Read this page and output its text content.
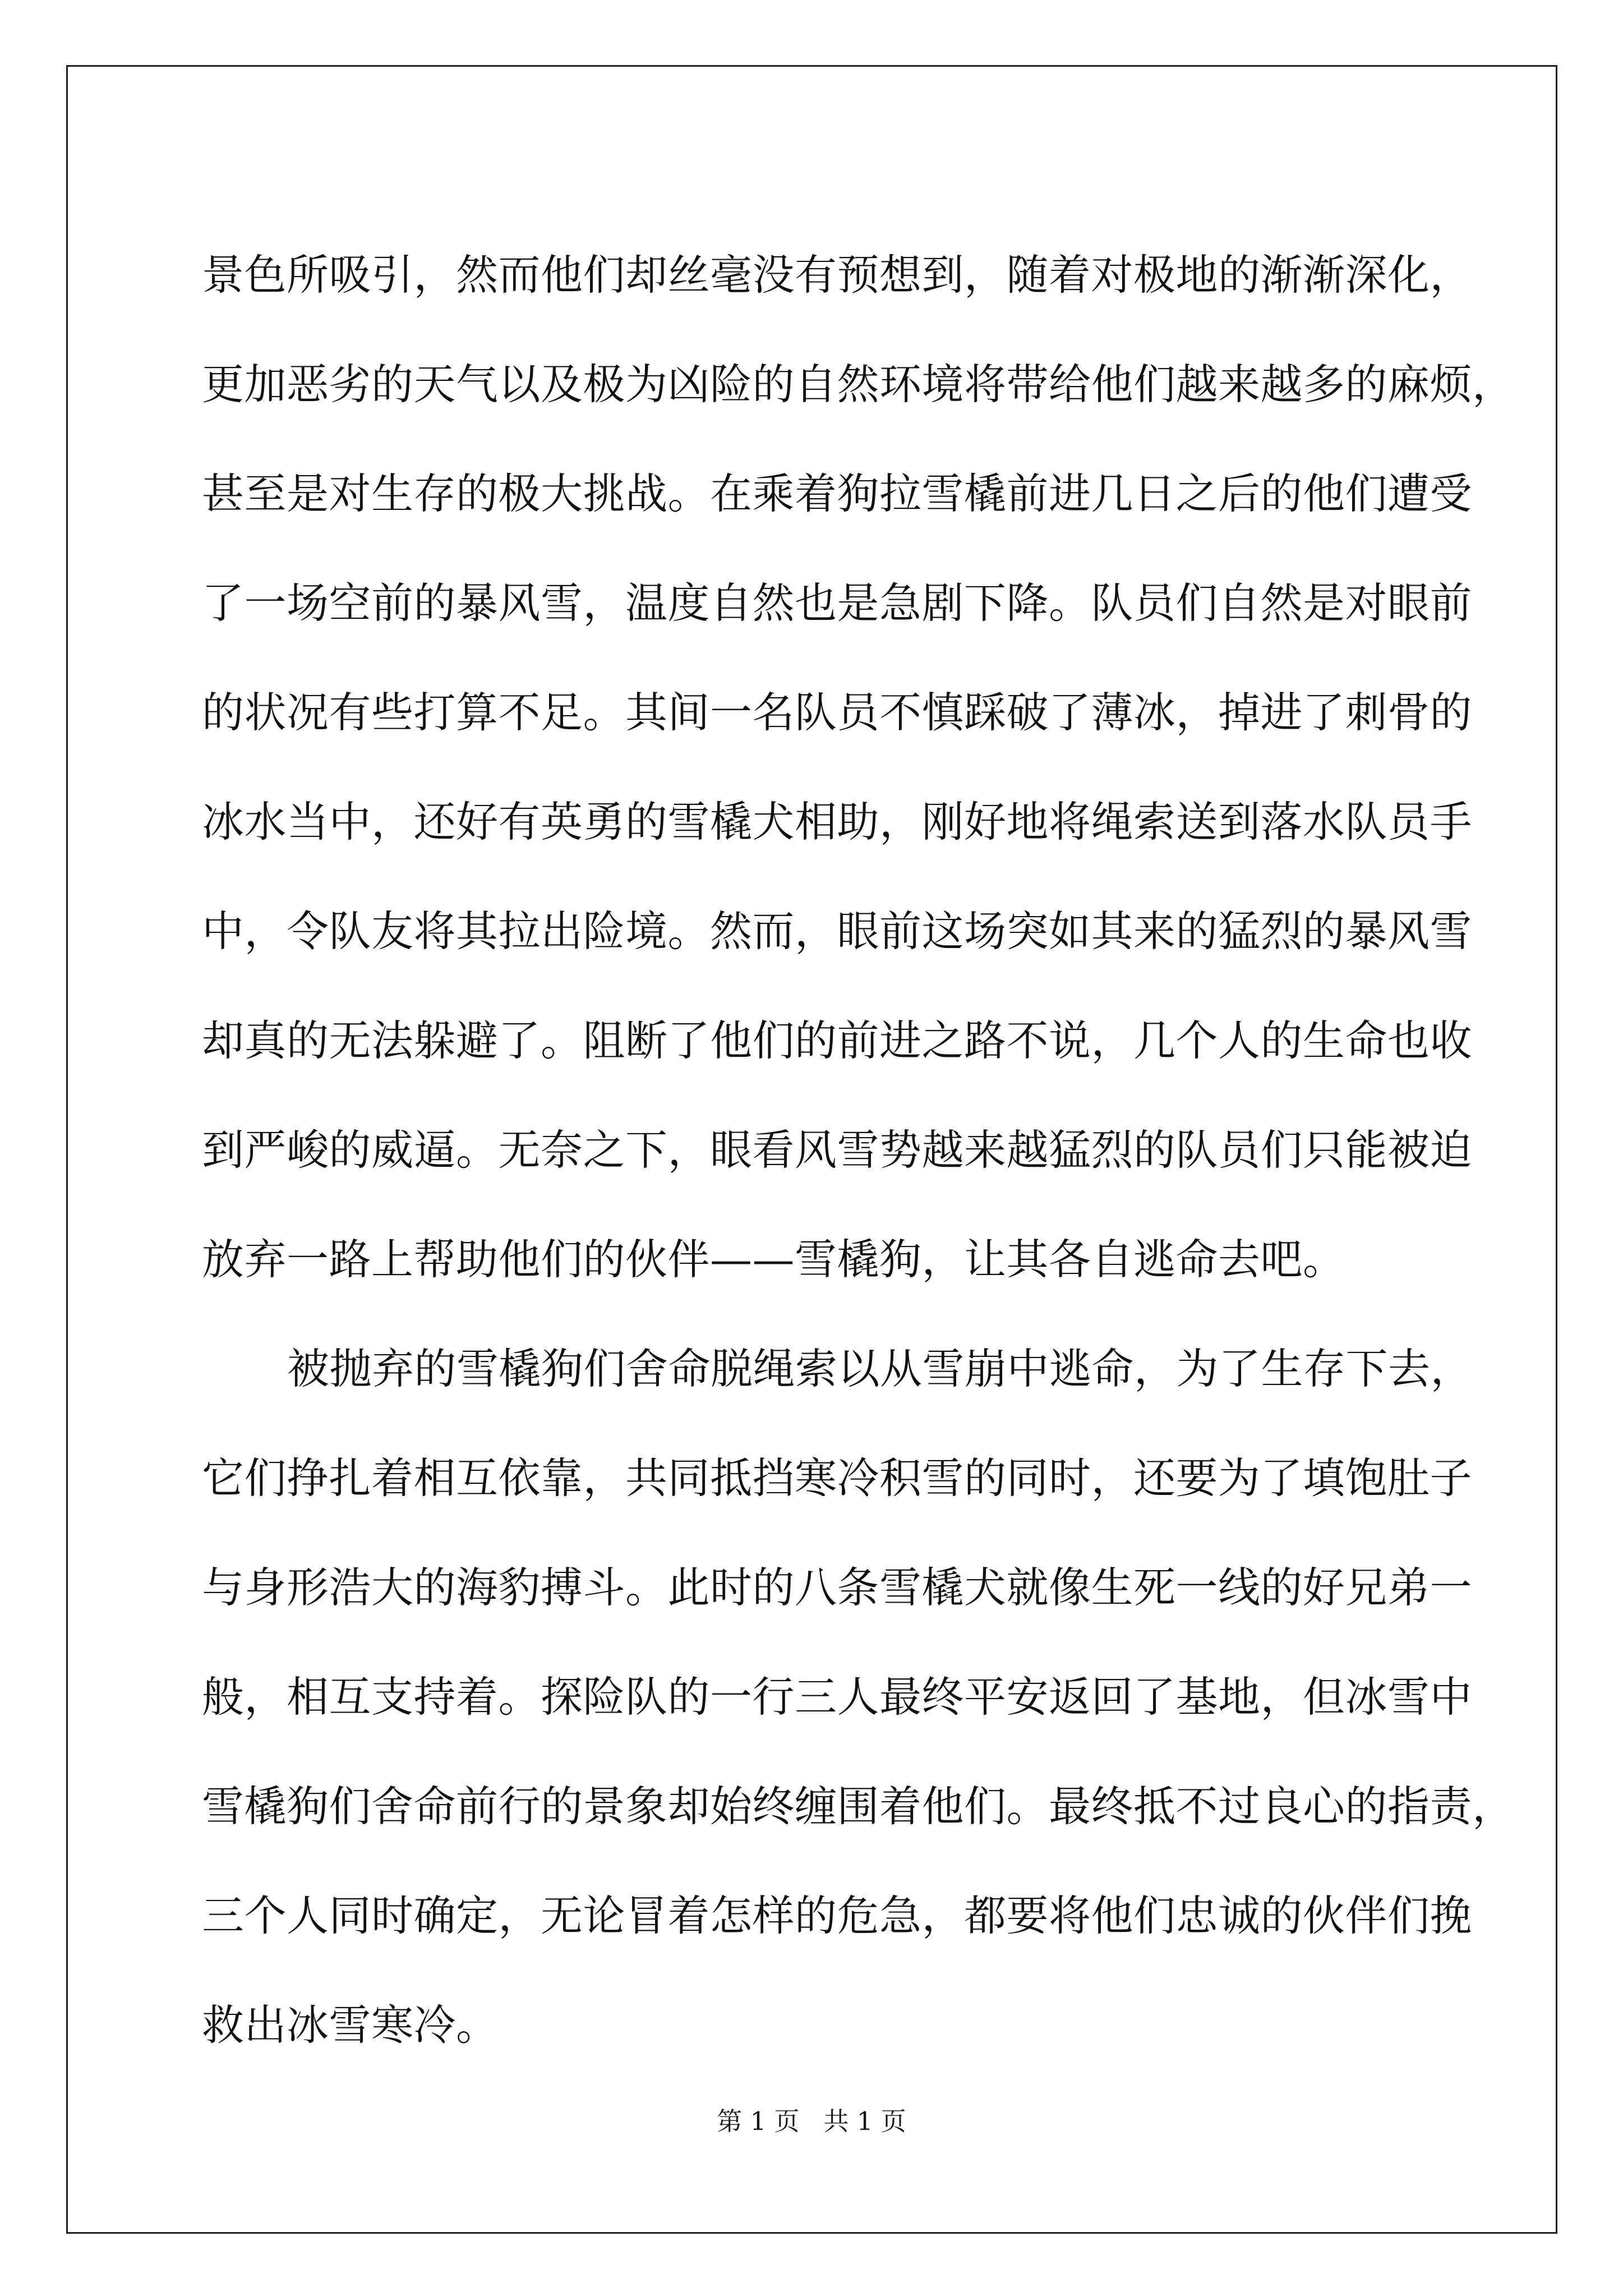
景色所吸引，然而他们却丝毫没有预想到，随着对极地的渐渐深化，
更加恶劣的天气以及极为凶险的自然环境将带给他们越来越多的麻烦，
甚至是对生存的极大挑战。在乘着狗拉雪橇前进几日之后的他们遭受
了一场空前的暴风雪，温度自然也是急剧下降。队员们自然是对眼前
的状况有些打算不足。其间一名队员不慎踩破了薄冰，掉进了刺骨的
冰水当中，还好有英勇的雪橇犬相助，刚好地将绳索送到落水队员手
中，令队友将其拉出险境。然而，眼前这场突如其来的猛烈的暴风雪
却真的无法躲避了。阻断了他们的前进之路不说，几个人的生命也收
到严峻的威逼。无奈之下，眼看风雪势越来越猛烈的队员们只能被迫
放弃一路上帮助他们的伙伴——雪橇狗，让其各自逃命去吧。
被抛弃的雪橇狗们舍命脱绳索以从雪崩中逃命，为了生存下去，
它们挣扎着相互依靠，共同抵挡寒冷积雪的同时，还要为了填饱肚子
与身形浩大的海豹搏斗。此时的八条雪橇犬就像生死一线的好兄弟一
般，相互支持着。探险队的一行三人最终平安返回了基地，但冰雪中
雪橇狗们舍命前行的景象却始终缠围着他们。最终抵不过良心的指责，
三个人同时确定，无论冒着怎样的危急，都要将他们忠诚的伙伴们挽
救出冰雪寒冷。
第 1 页   共 1 页
